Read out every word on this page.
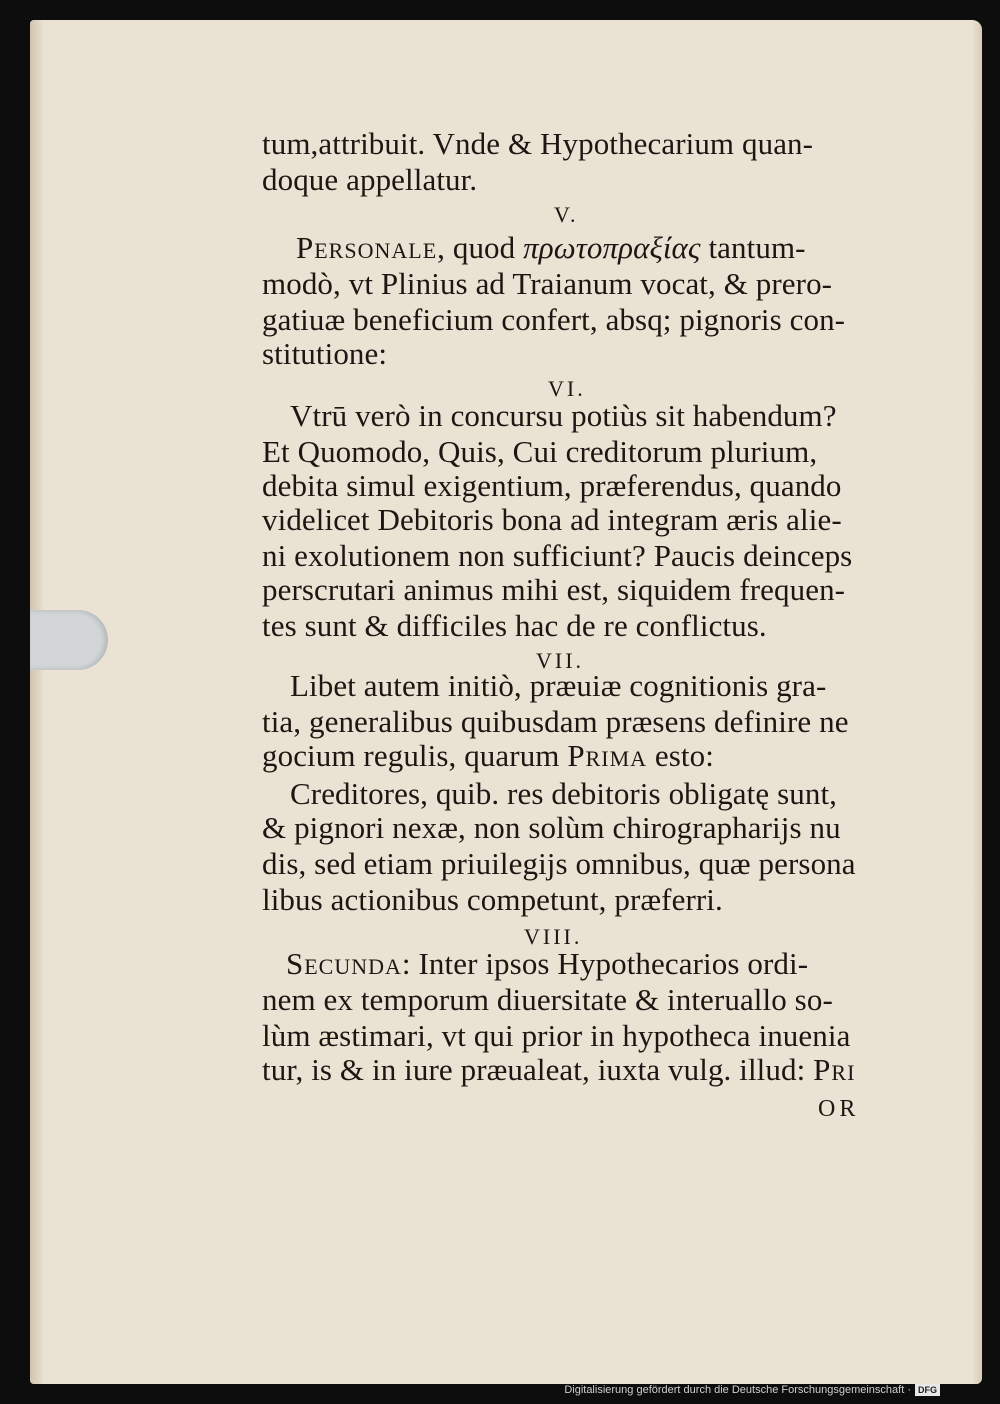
tum,attribuit. Vnde & Hypothecarium quan-
doque appellatur.
V.
Personale, quod πρωτοπραξίας tantum-
modò, vt Plinius ad Traianum vocat, & prero-
gatiuæ beneficium confert, absq; pignoris con-
stitutione:
VI.
Vtrū verò in concursu potiùs sit habendum?
Et Quomodo, Quis, Cui creditorum plurium,
debita simul exigentium, præferendus, quando
videlicet Debitoris bona ad integram æris alie-
ni exolutionem non sufficiunt? Paucis deinceps
perscrutari animus mihi est, siquidem frequen-
tes sunt & difficiles hac de re conflictus.
VII.
Libet autem initiò, præuiæ cognitionis gra-
tia, generalibus quibusdam præsens definire ne
gocium regulis, quarum Prima esto:
Creditores, quib. res debitoris obligatę sunt,
& pignori nexæ, non solùm chirographarijs nu
dis, sed etiam priuilegijs omnibus, quæ persona
libus actionibus competunt, præferri.
VIII.
Secunda: Inter ipsos Hypothecarios ordi-
nem ex temporum diuersitate & interuallo so-
lùm æstimari, vt qui prior in hypotheca inuenia
tur, is & in iure præualeat, iuxta vulg. illud: Pri
OR
Digitalisierung gefördert durch die Deutsche Forschungsgemeinschaft · DFG
